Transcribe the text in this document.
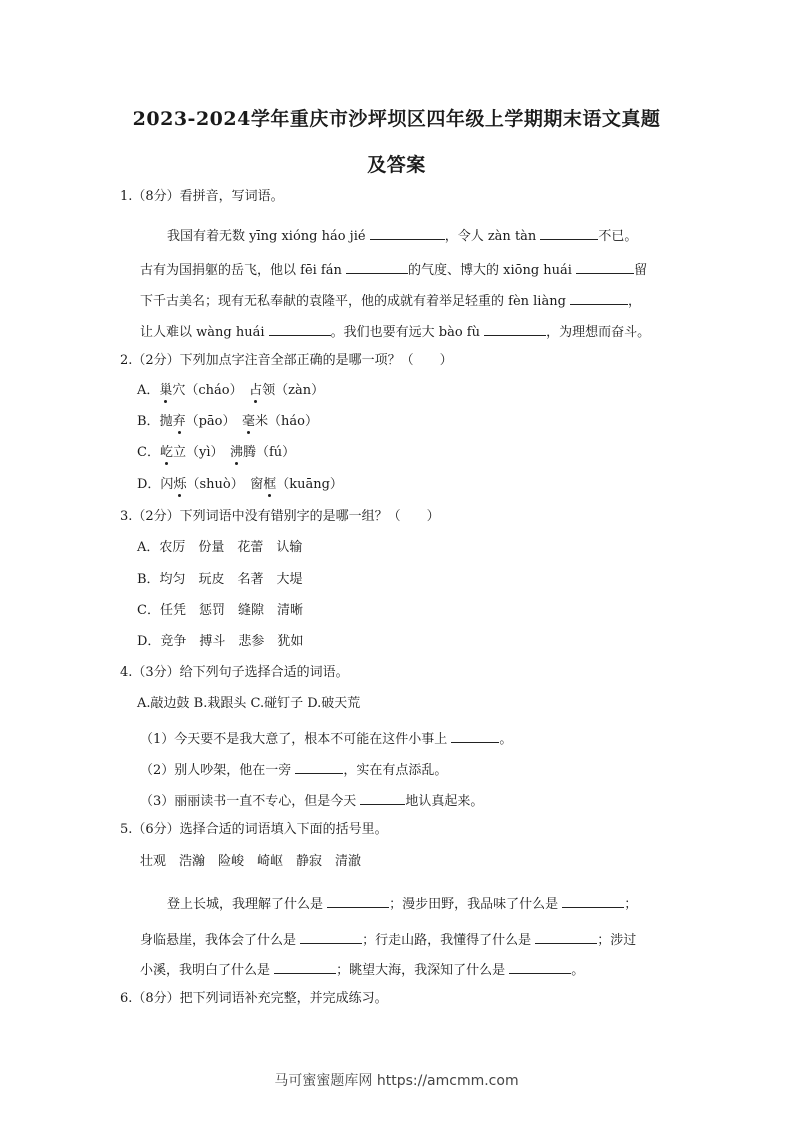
2023-2024学年重庆市沙坪坝区四年级上学期期末语文真题
及答案
1.（8分）看拼音，写词语。
我国有着无数 yīng xióng háo jié	，令人 zàn tàn	不已。
古有为国捐躯的岳飞，他以 fēi fán	的气度、博大的 xiōng huái	留
下千古美名；现有无私奉献的袁隆平，他的成就有着举足轻重的 fèn liàng	，
让人难以 wàng huái	。我们也要有远大 bào fù	，为理想而奋斗。
2.（2分）下列加点字注音全部正确的是哪一项？（　　）
A．巢穴（cháo）　占领（zàn）
B．抛弃（pāo）　毫米（háo）
C．屹立（yì）　沸腾（fú）
D．闪烁（shuò）　窗框（kuāng）
3.（2分）下列词语中没有错别字的是哪一组？（　　）
A．农厉　份量　花蕾　认输
B．均匀　玩皮　名著　大堤
C．任凭　惩罚　缝隙　清晰
D．竞争　搏斗　悲参　犹如
4.（3分）给下列句子选择合适的词语。
A.敲边鼓 B.栽跟头 C.碰钉子 D.破天荒
（1）今天要不是我大意了，根本不可能在这件小事上	。
（2）别人吵架，他在一旁	，实在有点添乱。
（3）丽丽读书一直不专心，但是今天	地认真起来。
5.（6分）选择合适的词语填入下面的括号里。
壮观　浩瀚　险峻　崎岖　静寂　清澈
登上长城，我理解了什么是	；漫步田野，我品味了什么是	；
身临悬崖，我体会了什么是	；行走山路，我懂得了什么是	；涉过
小溪，我明白了什么是	；眺望大海，我深知了什么是	。
6.（8分）把下列词语补充完整，并完成练习。
马可蜜蜜题库网 https://amcmm.com
